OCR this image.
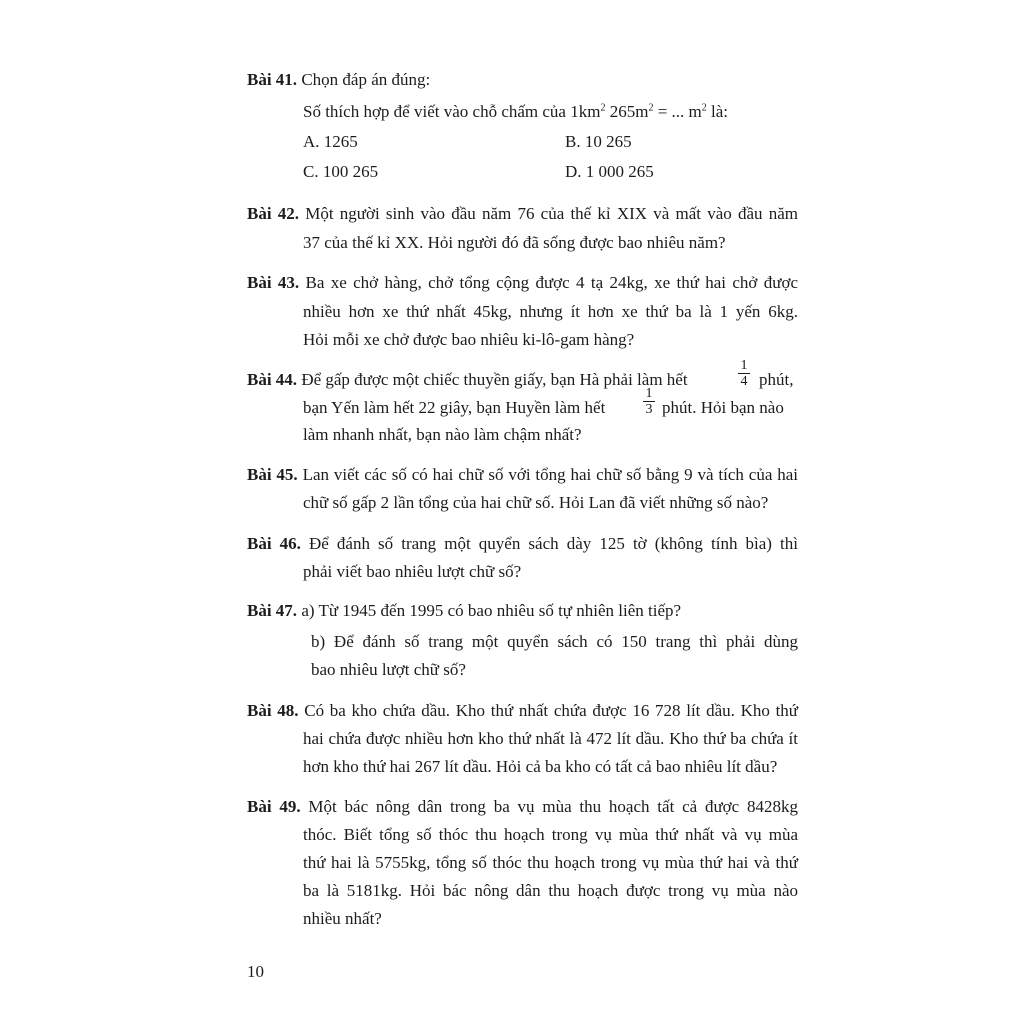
Bài 41. Chọn đáp án đúng:
Số thích hợp để viết vào chỗ chấm của $1km^2$ $265m^2$ = ... $m^2$ là:
A. 1265	B. 10 265
C. 100 265	D. 1 000 265
Bài 42. Một người sinh vào đầu năm 76 của thế kỉ XIX và mất vào đầu năm
37 của thế kỉ XX. Hỏi người đó đã sống được bao nhiêu năm?
Bài 43. Ba xe chở hàng, chở tổng cộng được 4 tạ 24kg, xe thứ hai chở được
nhiều hơn xe thứ nhất 45kg, nhưng ít hơn xe thứ ba là 1 yến 6kg.
Hỏi mỗi xe chở được bao nhiêu ki-lô-gam hàng?
Bài 44. Để gấp được một chiếc thuyền giấy, bạn Hà phải làm hết	$\frac{1}{4}$ phút,
bạn Yến làm hết 22 giây, bạn Huyền làm hết	$\frac{1}{3}$ phút. Hỏi bạn nào
làm nhanh nhất, bạn nào làm chậm nhất?
Bài 45. Lan viết các số có hai chữ số với tổng hai chữ số bằng 9 và tích của hai
chữ số gấp 2 lần tổng của hai chữ số. Hỏi Lan đã viết những số nào?
Bài 46. Để đánh số trang một quyển sách dày 125 tờ (không tính bìa) thì
phải viết bao nhiêu lượt chữ số?
Bài 47. a) Từ 1945 đến 1995 có bao nhiêu số tự nhiên liên tiếp?
b) Để đánh số trang một quyển sách có 150 trang thì phải dùng
bao nhiêu lượt chữ số?
Bài 48. Có ba kho chứa dầu. Kho thứ nhất chứa được 16 728 lít dầu. Kho thứ
hai chứa được nhiều hơn kho thứ nhất là 472 lít dầu. Kho thứ ba chứa ít
hơn kho thứ hai 267 lít dầu. Hỏi cả ba kho có tất cả bao nhiêu lít dầu?
Bài 49. Một bác nông dân trong ba vụ mùa thu hoạch tất cả được 8428kg
thóc. Biết tổng số thóc thu hoạch trong vụ mùa thứ nhất và vụ mùa
thứ hai là 5755kg, tổng số thóc thu hoạch trong vụ mùa thứ hai và thứ
ba là 5181kg. Hỏi bác nông dân thu hoạch được trong vụ mùa nào
nhiều nhất?
10
